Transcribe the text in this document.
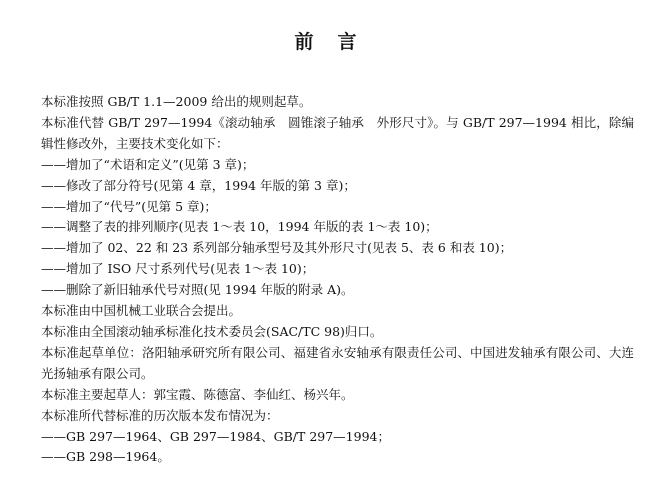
前言

本标准按照 GB/T 1.1—2009 给出的规则起草。

本标准代替 GB/T 297—1994《滚动轴承　圆锥滚子轴承　外形尺寸》。与 GB/T 297—1994 相比，除编辑性修改外，主要技术变化如下：

——增加了“术语和定义”(见第 3 章)；

——修改了部分符号(见第 4 章，1994 年版的第 3 章)；

——增加了“代号”(见第 5 章)；

——调整了表的排列顺序(见表 1～表 10，1994 年版的表 1～表 10)；

——增加了 02、22 和 23 系列部分轴承型号及其外形尺寸(见表 5、表 6 和表 10)；

——增加了 ISO 尺寸系列代号(见表 1～表 10)；

——删除了新旧轴承代号对照(见 1994 年版的附录 A)。

本标准由中国机械工业联合会提出。

本标准由全国滚动轴承标准化技术委员会(SAC/TC 98)归口。

本标准起草单位：洛阳轴承研究所有限公司、福建省永安轴承有限责任公司、中国进发轴承有限公司、大连光扬轴承有限公司。

本标准主要起草人：郭宝霞、陈德富、李仙红、杨兴年。

本标准所代替标准的历次版本发布情况为：

——GB 297—1964、GB 297—1984、GB/T 297—1994；

——GB 298—1964。
